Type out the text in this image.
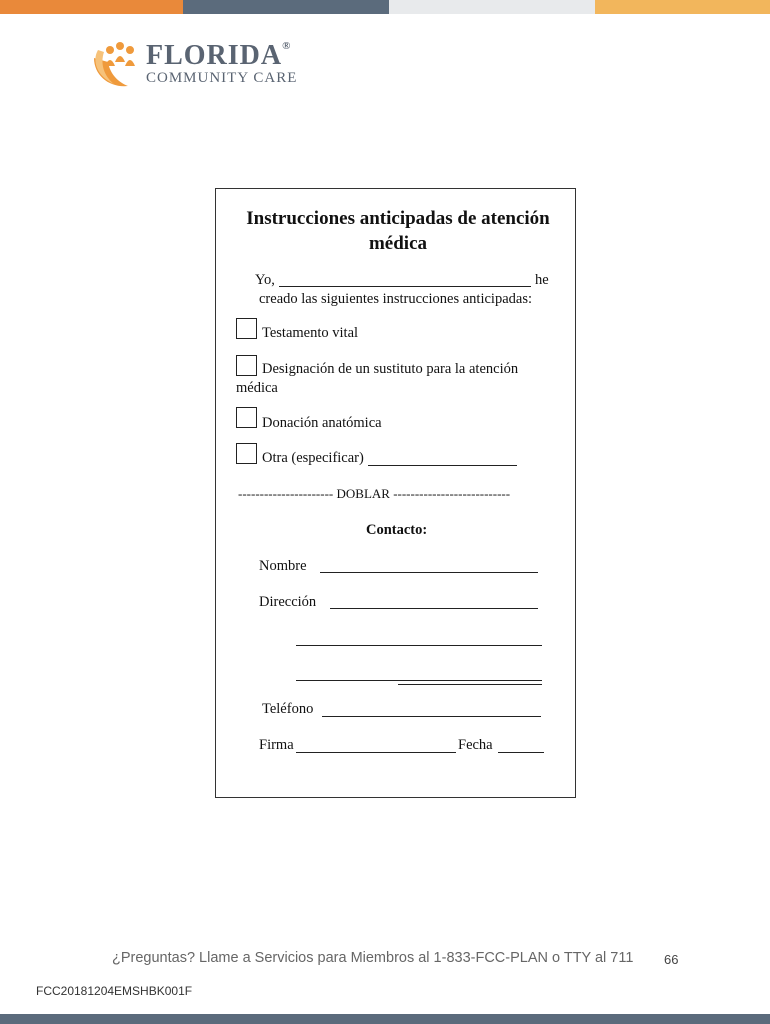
FLORIDA®
COMMUNITY CARE
Instrucciones anticipadas de atención médica
Yo,	he
creado las siguientes instrucciones anticipadas:
Testamento vital
Designación de un sustituto para la atención
médica
Donación anatómica
Otra (especificar)
---------------------- DOBLAR ---------------------------
Contacto:
Nombre
Dirección
Teléfono
Firma	Fecha
¿Preguntas? Llame a Servicios para Miembros al 1-833-FCC-PLAN o TTY al 711 66
FCC20181204EMSHBK001F
